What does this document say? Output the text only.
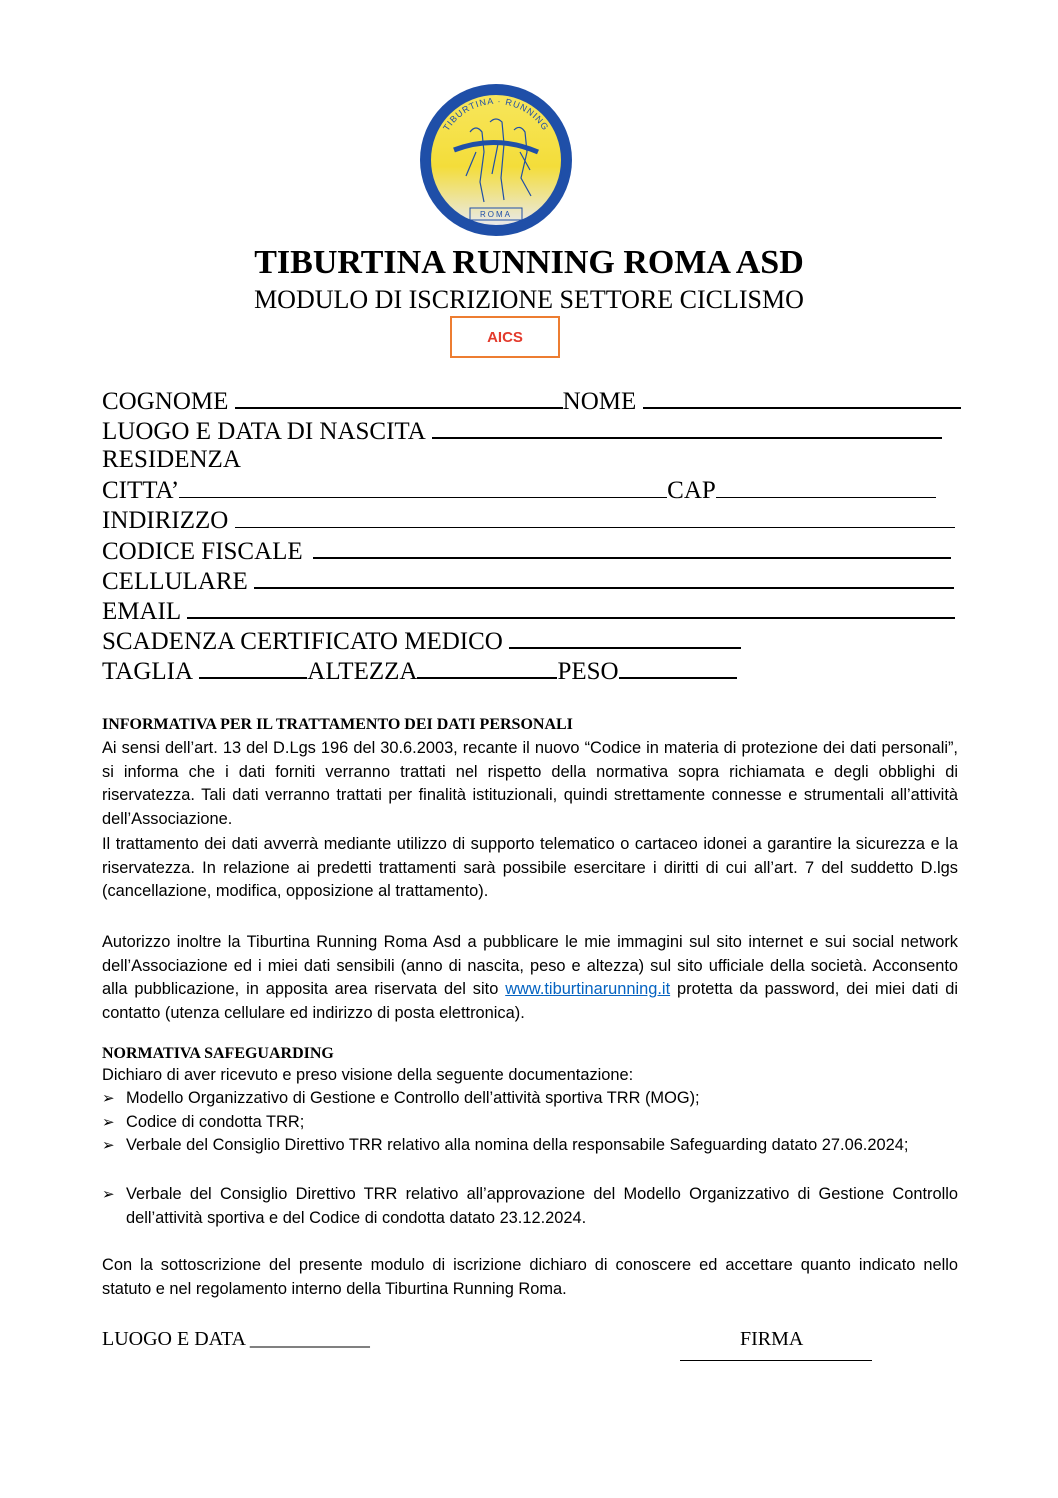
TIBURTINA · RUNNING
ROMA
TIBURTINA RUNNING ROMA ASD
MODULO DI ISCRIZIONE SETTORE CICLISMO
AICS
COGNOME	NOME
LUOGO E DATA DI NASCITA
RESIDENZA
CITTA’	CAP
INDIRIZZO
CODICE FISCALE
CELLULARE
EMAIL
SCADENZA CERTIFICATO MEDICO
TAGLIA	ALTEZZA	PESO
INFORMATIVA PER IL TRATTAMENTO DEI DATI PERSONALI
Ai sensi dell’art. 13 del D.Lgs 196 del 30.6.2003, recante il nuovo “Codice in materia di protezione dei dati personali”, si informa che i dati forniti verranno trattati nel rispetto della normativa sopra richiamata e degli obblighi di riservatezza. Tali dati verranno trattati per finalità istituzionali, quindi strettamente connesse e strumentali all’attività dell’Associazione.
Il trattamento dei dati avverrà mediante utilizzo di supporto telematico o cartaceo idonei a garantire la sicurezza e la riservatezza. In relazione ai predetti trattamenti sarà possibile esercitare i diritti di cui all’art. 7 del suddetto D.lgs (cancellazione, modifica, opposizione al trattamento).
Autorizzo inoltre la Tiburtina Running Roma Asd a pubblicare le mie immagini sul sito internet e sui social network dell’Associazione ed i miei dati sensibili (anno di nascita, peso e altezza) sul sito ufficiale della società. Acconsento alla pubblicazione, in apposita area riservata del sito www.tiburtinarunning.it protetta da password, dei miei dati di contatto (utenza cellulare ed indirizzo di posta elettronica).
NORMATIVA SAFEGUARDING
Dichiaro di aver ricevuto e preso visione della seguente documentazione:
➢ Modello Organizzativo di Gestione e Controllo dell’attività sportiva TRR (MOG);
➢ Codice di condotta TRR;
➢ Verbale del Consiglio Direttivo TRR relativo alla nomina della responsabile Safeguarding datato 27.06.2024;
➢ Verbale del Consiglio Direttivo TRR relativo all’approvazione del Modello Organizzativo di Gestione Controllo dell’attività sportiva e del Codice di condotta datato 23.12.2024.
Con la sottoscrizione del presente modulo di iscrizione dichiaro di conoscere ed accettare quanto indicato nello statuto e nel regolamento interno della Tiburtina Running Roma.
LUOGO E DATA ____________	FIRMA
